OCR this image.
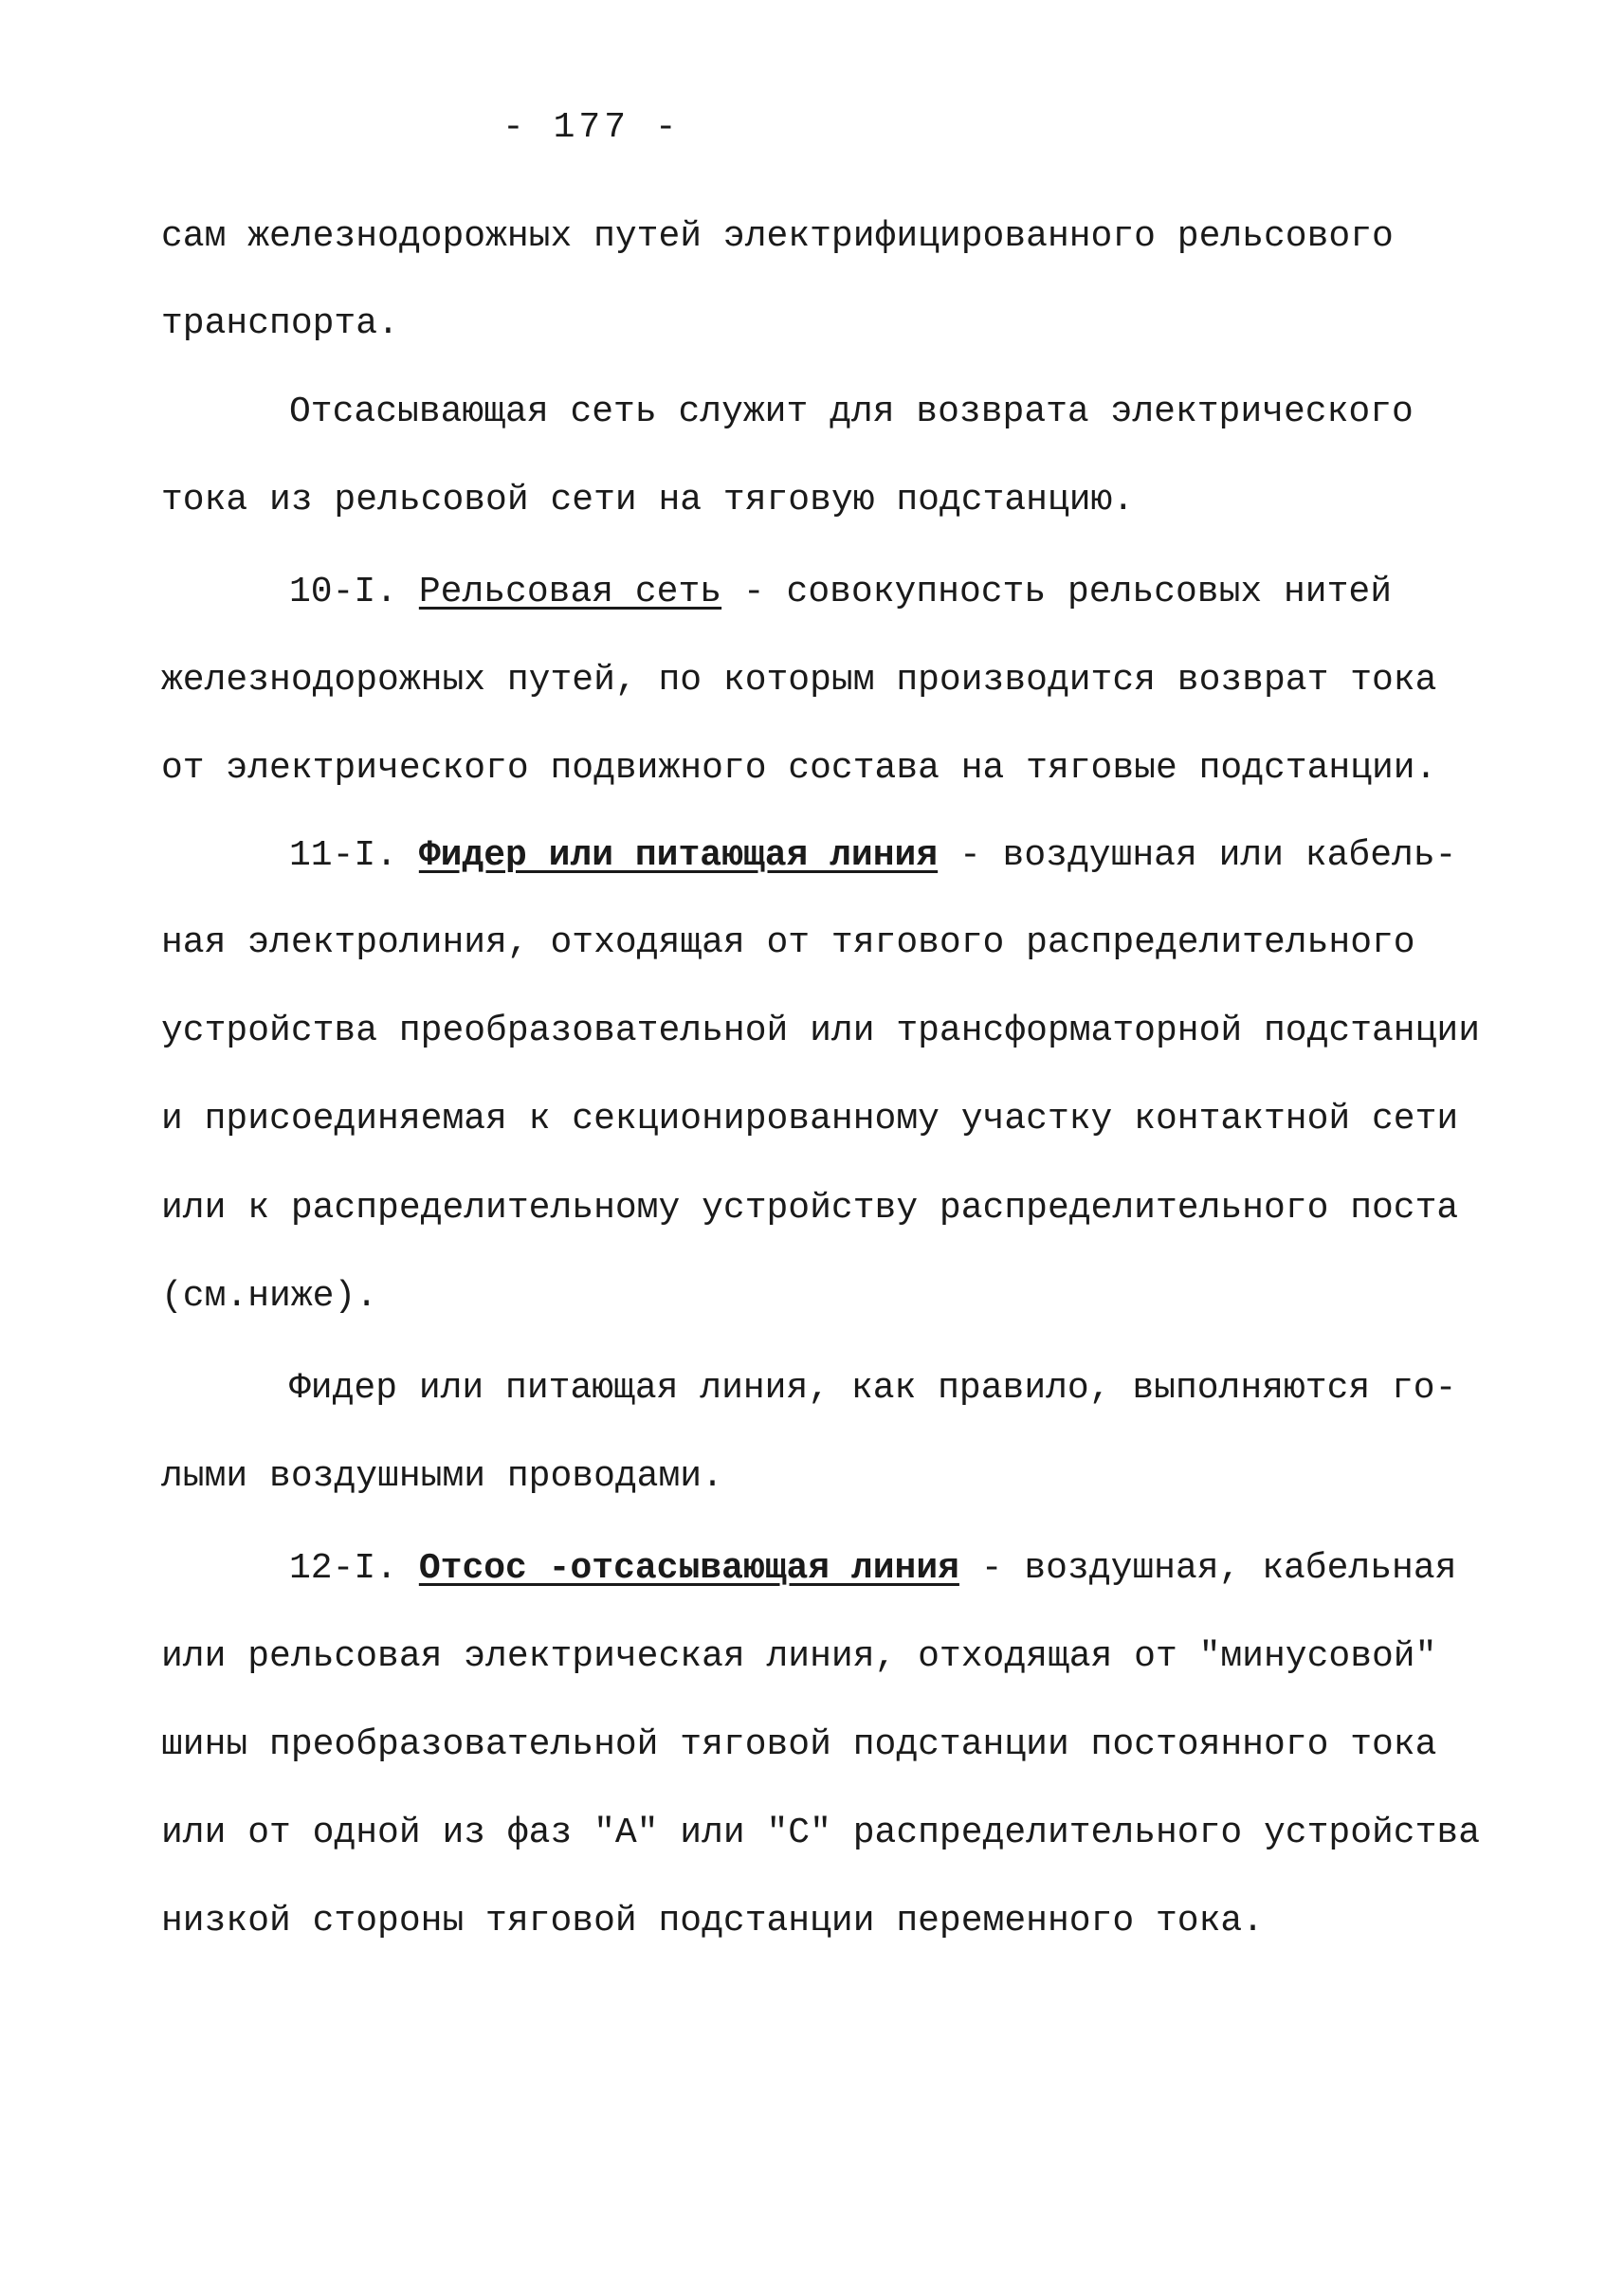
- 177 -
сам железнодорожных путей электрифицированного рельсового
транспорта.
Отсасывающая сеть служит для возврата электрического
тока из рельсовой сети на тяговую подстанцию.
10-I. Рельсовая сеть - совокупность рельсовых нитей
железнодорожных путей, по которым производится возврат тока
от электрического подвижного состава на тяговые подстанции.
11-I. Фидер или питающая линия - воздушная или кабель-
ная электролиния, отходящая от тягового распределительного
устройства преобразовательной или трансформаторной подстанции
и присоединяемая к секционированному участку контактной сети
или к распределительному устройству распределительного поста
(см.ниже).
Фидер или питающая линия, как правило, выполняются го-
лыми воздушными проводами.
12-I. Отсос -отсасывающая линия - воздушная, кабельная
или рельсовая электрическая линия, отходящая от "минусовой"
шины преобразовательной тяговой подстанции постоянного тока
или от одной из фаз "А" или "С" распределительного устройства
низкой стороны тяговой подстанции переменного тока.
